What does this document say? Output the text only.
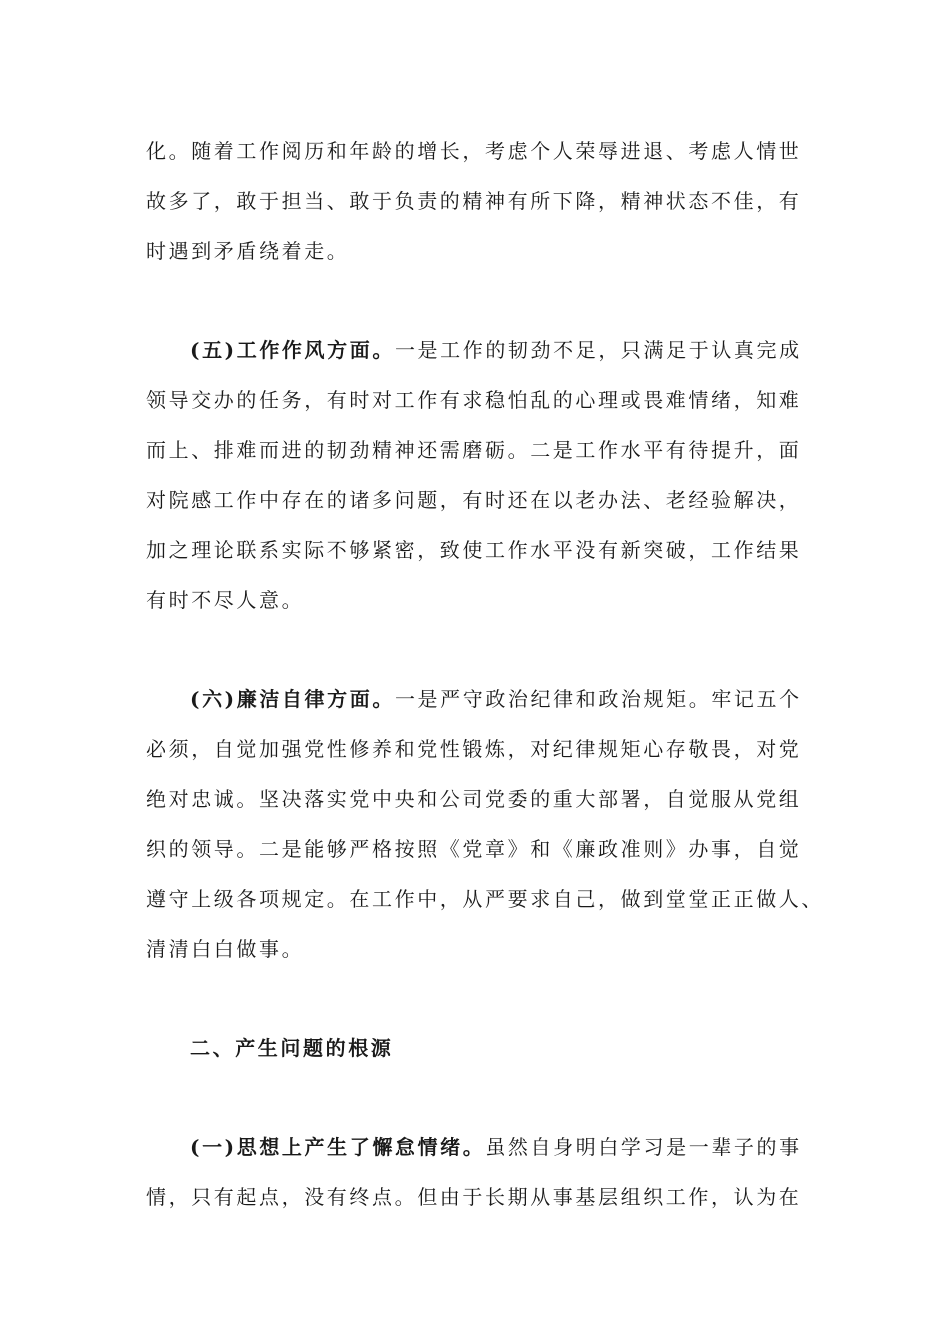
化。随着工作阅历和年龄的增长，考虑个人荣辱进退、考虑人情世
故多了，敢于担当、敢于负责的精神有所下降，精神状态不佳，有
时遇到矛盾绕着走。
(五)工作作风方面。一是工作的韧劲不足，只满足于认真完成
领导交办的任务，有时对工作有求稳怕乱的心理或畏难情绪，知难
而上、排难而进的韧劲精神还需磨砺。二是工作水平有待提升，面
对院感工作中存在的诸多问题，有时还在以老办法、老经验解决，
加之理论联系实际不够紧密，致使工作水平没有新突破，工作结果
有时不尽人意。
(六)廉洁自律方面。一是严守政治纪律和政治规矩。牢记五个
必须，自觉加强党性修养和党性锻炼，对纪律规矩心存敬畏，对党
绝对忠诚。坚决落实党中央和公司党委的重大部署，自觉服从党组
织的领导。二是能够严格按照《党章》和《廉政准则》办事，自觉
遵守上级各项规定。在工作中，从严要求自己，做到堂堂正正做人、
清清白白做事。
二、产生问题的根源
(一)思想上产生了懈怠情绪。虽然自身明白学习是一辈子的事
情，只有起点，没有终点。但由于长期从事基层组织工作，认为在
